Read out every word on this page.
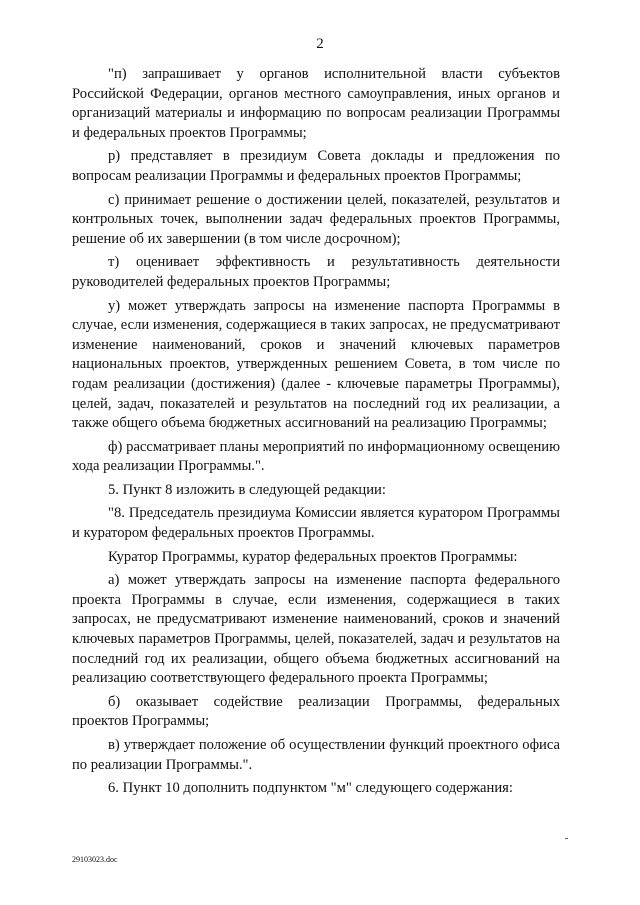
2

"п) запрашивает у органов исполнительной власти субъектов Российской Федерации, органов местного самоуправления, иных органов и организаций материалы и информацию по вопросам реализации Программы и федеральных проектов Программы;

р) представляет в президиум Совета доклады и предложения по вопросам реализации Программы и федеральных проектов Программы;

с) принимает решение о достижении целей, показателей, результатов и контрольных точек, выполнении задач федеральных проектов Программы, решение об их завершении (в том числе досрочном);

т) оценивает эффективность и результативность деятельности руководителей федеральных проектов Программы;

у) может утверждать запросы на изменение паспорта Программы в случае, если изменения, содержащиеся в таких запросах, не предусматривают изменение наименований, сроков и значений ключевых параметров национальных проектов, утвержденных решением Совета, в том числе по годам реализации (достижения) (далее - ключевые параметры Программы), целей, задач, показателей и результатов на последний год их реализации, а также общего объема бюджетных ассигнований на реализацию Программы;

ф) рассматривает планы мероприятий по информационному освещению хода реализации Программы.".

5. Пункт 8 изложить в следующей редакции:

"8. Председатель президиума Комиссии является куратором Программы и куратором федеральных проектов Программы.

Куратор Программы, куратор федеральных проектов Программы:

а) может утверждать запросы на изменение паспорта федерального проекта Программы в случае, если изменения, содержащиеся в таких запросах, не предусматривают изменение наименований, сроков и значений ключевых параметров Программы, целей, показателей, задач и результатов на последний год их реализации, общего объема бюджетных ассигнований на реализацию соответствующего федерального проекта Программы;

б) оказывает содействие реализации Программы, федеральных проектов Программы;

в) утверждает положение об осуществлении функций проектного офиса по реализации Программы.".

6. Пункт 10 дополнить подпунктом "м" следующего содержания:

29103023.doc
